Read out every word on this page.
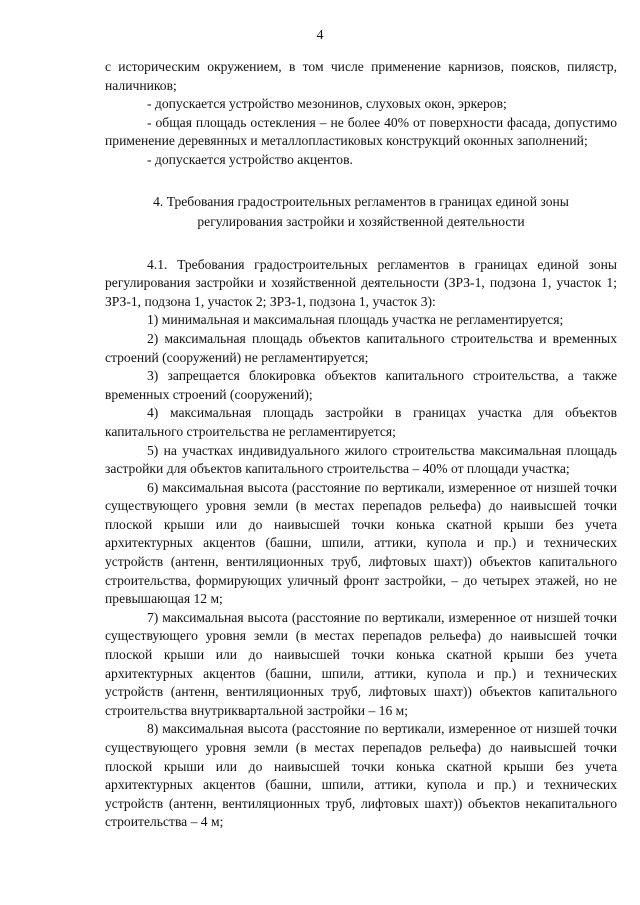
4

с историческим окружением, в том числе применение карнизов, поясков, пилястр, наличников;

- допускается устройство мезонинов, слуховых окон, эркеров;

- общая площадь остекления – не более 40% от поверхности фасада, допустимо применение деревянных и металлопластиковых конструкций оконных заполнений;

- допускается устройство акцентов.

4. Требования градостроительных регламентов в границах единой зоны
регулирования застройки и хозяйственной деятельности

4.1. Требования градостроительных регламентов в границах единой зоны регулирования застройки и хозяйственной деятельности (ЗРЗ-1, подзона 1, участок 1; ЗРЗ-1, подзона 1, участок 2; ЗРЗ-1, подзона 1, участок 3):

1) минимальная и максимальная площадь участка не регламентируется;

2) максимальная площадь объектов капитального строительства и временных строений (сооружений) не регламентируется;

3) запрещается блокировка объектов капитального строительства, а также временных строений (сооружений);

4) максимальная площадь застройки в границах участка для объектов капитального строительства не регламентируется;

5) на участках индивидуального жилого строительства максимальная площадь застройки для объектов капитального строительства – 40% от площади участка;

6) максимальная высота (расстояние по вертикали, измеренное от низшей точки существующего уровня земли (в местах перепадов рельефа) до наивысшей точки плоской крыши или до наивысшей точки конька скатной крыши без учета архитектурных акцентов (башни, шпили, аттики, купола и пр.) и технических устройств (антенн, вентиляционных труб, лифтовых шахт)) объектов капитального строительства, формирующих уличный фронт застройки, – до четырех этажей, но не превышающая 12 м;

7) максимальная высота (расстояние по вертикали, измеренное от низшей точки существующего уровня земли (в местах перепадов рельефа) до наивысшей точки плоской крыши или до наивысшей точки конька скатной крыши без учета архитектурных акцентов (башни, шпили, аттики, купола и пр.) и технических устройств (антенн, вентиляционных труб, лифтовых шахт)) объектов капитального строительства внутриквартальной застройки – 16 м;

8) максимальная высота (расстояние по вертикали, измеренное от низшей точки существующего уровня земли (в местах перепадов рельефа) до наивысшей точки плоской крыши или до наивысшей точки конька скатной крыши без учета архитектурных акцентов (башни, шпили, аттики, купола и пр.) и технических устройств (антенн, вентиляционных труб, лифтовых шахт)) объектов некапитального строительства – 4 м;
